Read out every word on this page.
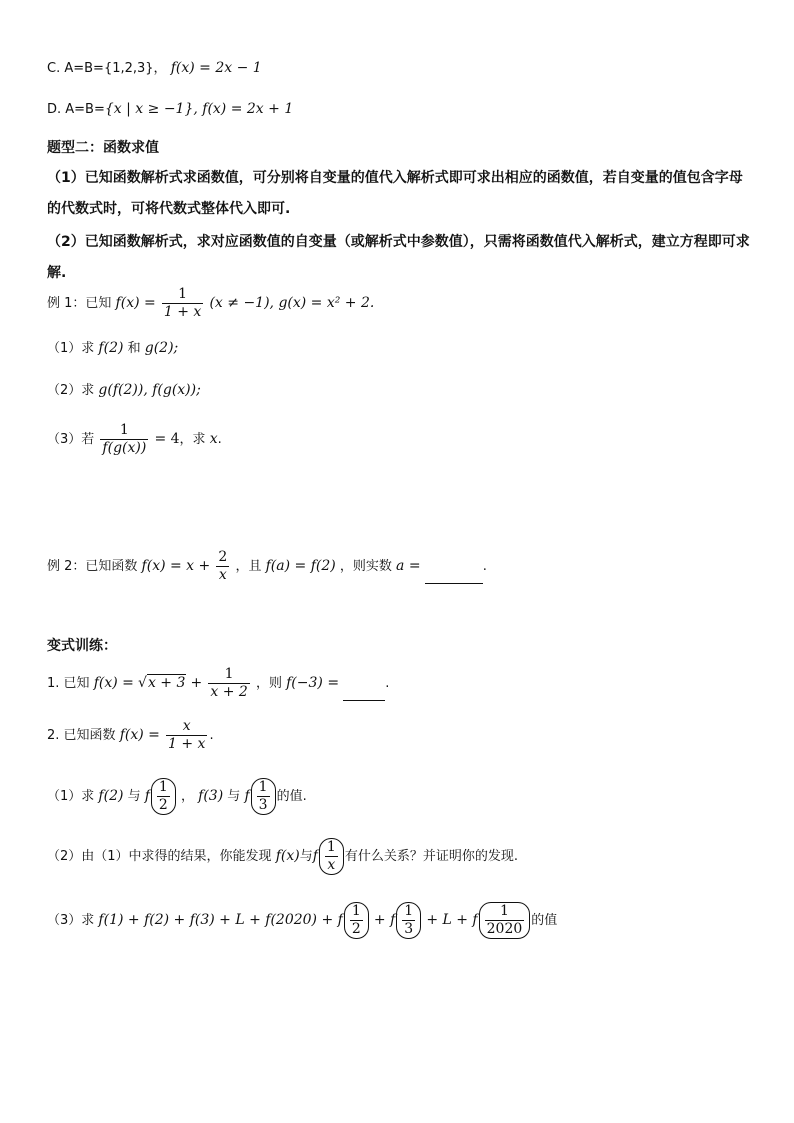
C. A=B={1,2,3}， f(x) = 2x − 1
D. A=B={x | x ≥ −1}, f(x) = 2x + 1
题型二：函数求值
（1）已知函数解析式求函数值，可分别将自变量的值代入解析式即可求出相应的函数值，若自变量的值包含字母
的代数式时，可将代数式整体代入即可.
（2）已知函数解析式，求对应函数值的自变量（或解析式中参数值），只需将函数值代入解析式，建立方程即可求
解.
例 1：已知 $f(x) = \frac{1}{1 + x} (x \ne -1)$, g(x) = x² + 2.
（1）求 f(2) 和 g(2);
（2）求 g(f(2)), f(g(x));
（3）若 $\frac{1}{f(g(x))} = 4$，求 x.
例 2：已知函数 $f(x) = x + \frac{2}{x}$ ，且 f(a) = f(2) ，则实数 a =	.
变式训练：
1. 已知 $f(x) = √x + 3 + \frac{1}{x + 2}$ ，则 f(−3) =	.
2. 已知函数 $f(x) = \frac{x}{1 + x}$ .
（1）求 f(2) 与 f $\frac{1}{2}$ ， f(3) 与 f $\frac{1}{3}$ 的值.
（2）由（1）中求得的结果，你能发现 f(x)与f $\frac{1}{x}$ 有什么关系？并证明你的发现.
（3）求 f(1) + f(2) + f(3) + L + f(2020) + f $\frac{1}{2} + f \frac{1}{3} + L + f \frac{1}{2020}$ 的值
